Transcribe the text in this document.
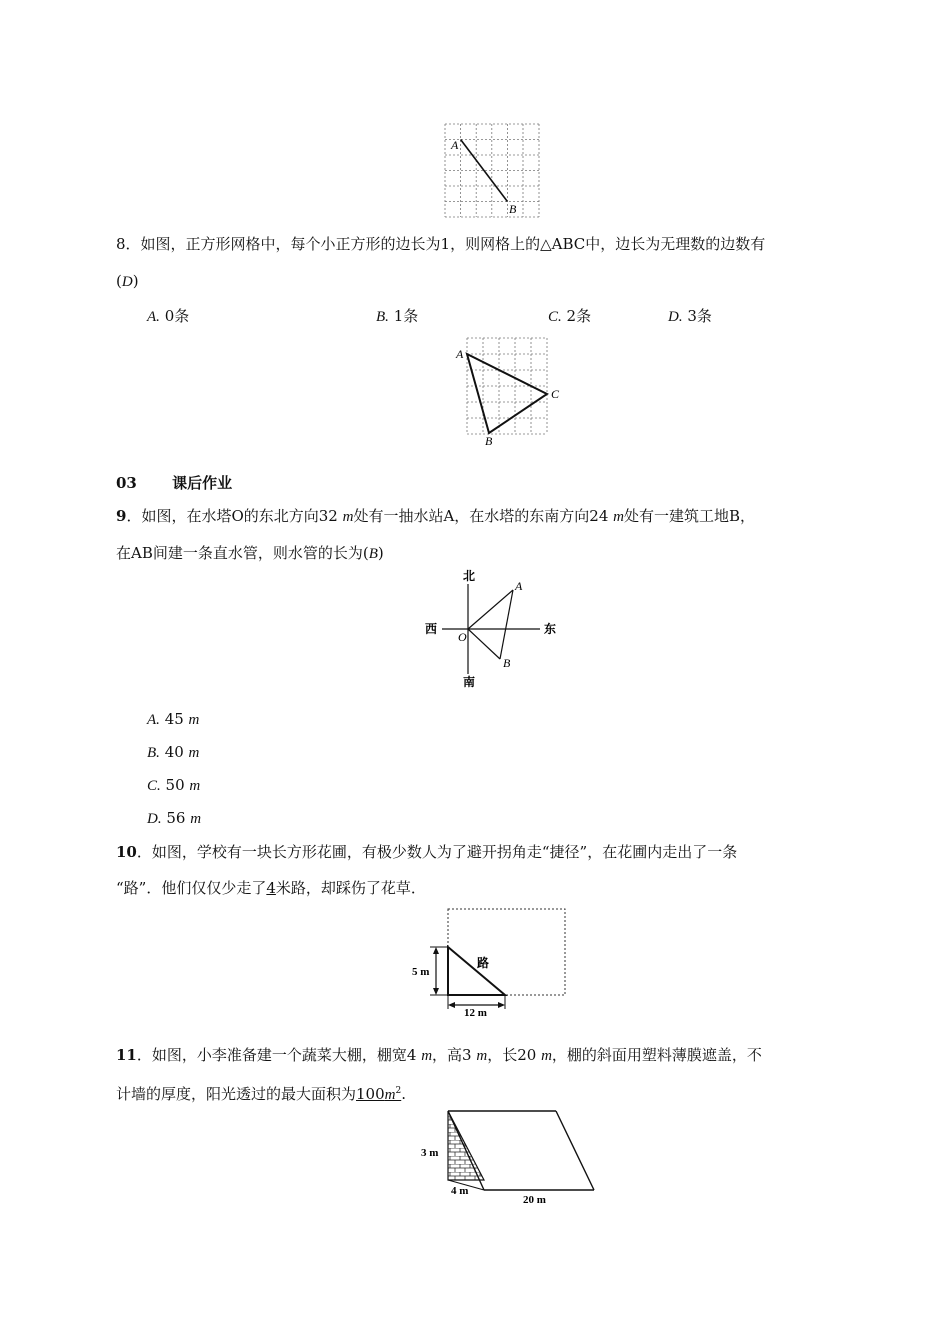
A
B
8．如图，正方形网格中，每个小正方形的边长为1，则网格上的△ABC中，边长为无理数的边数有
(D)
A. 0条	B. 1条	C. 2条	D. 3条
A
C
B
03 课后作业
9．如图，在水塔O的东北方向32 m处有一抽水站A，在水塔的东南方向24 m处有一建筑工地B，
在AB间建一条直水管，则水管的长为(B)
北
西	东
南
O
A
B
A. 45 m
B. 40 m
C. 50 m
D. 56 m
10．如图，学校有一块长方形花圃，有极少数人为了避开拐角走“捷径”，在花圃内走出了一条
“路”．他们仅仅少走了4米路，却踩伤了花草．
路
5 m
12 m
11．如图，小李准备建一个蔬菜大棚，棚宽4 m，高3 m，长20 m，棚的斜面用塑料薄膜遮盖，不
计墙的厚度，阳光透过的最大面积为$100m^2$.
3 m
4 m
20 m
